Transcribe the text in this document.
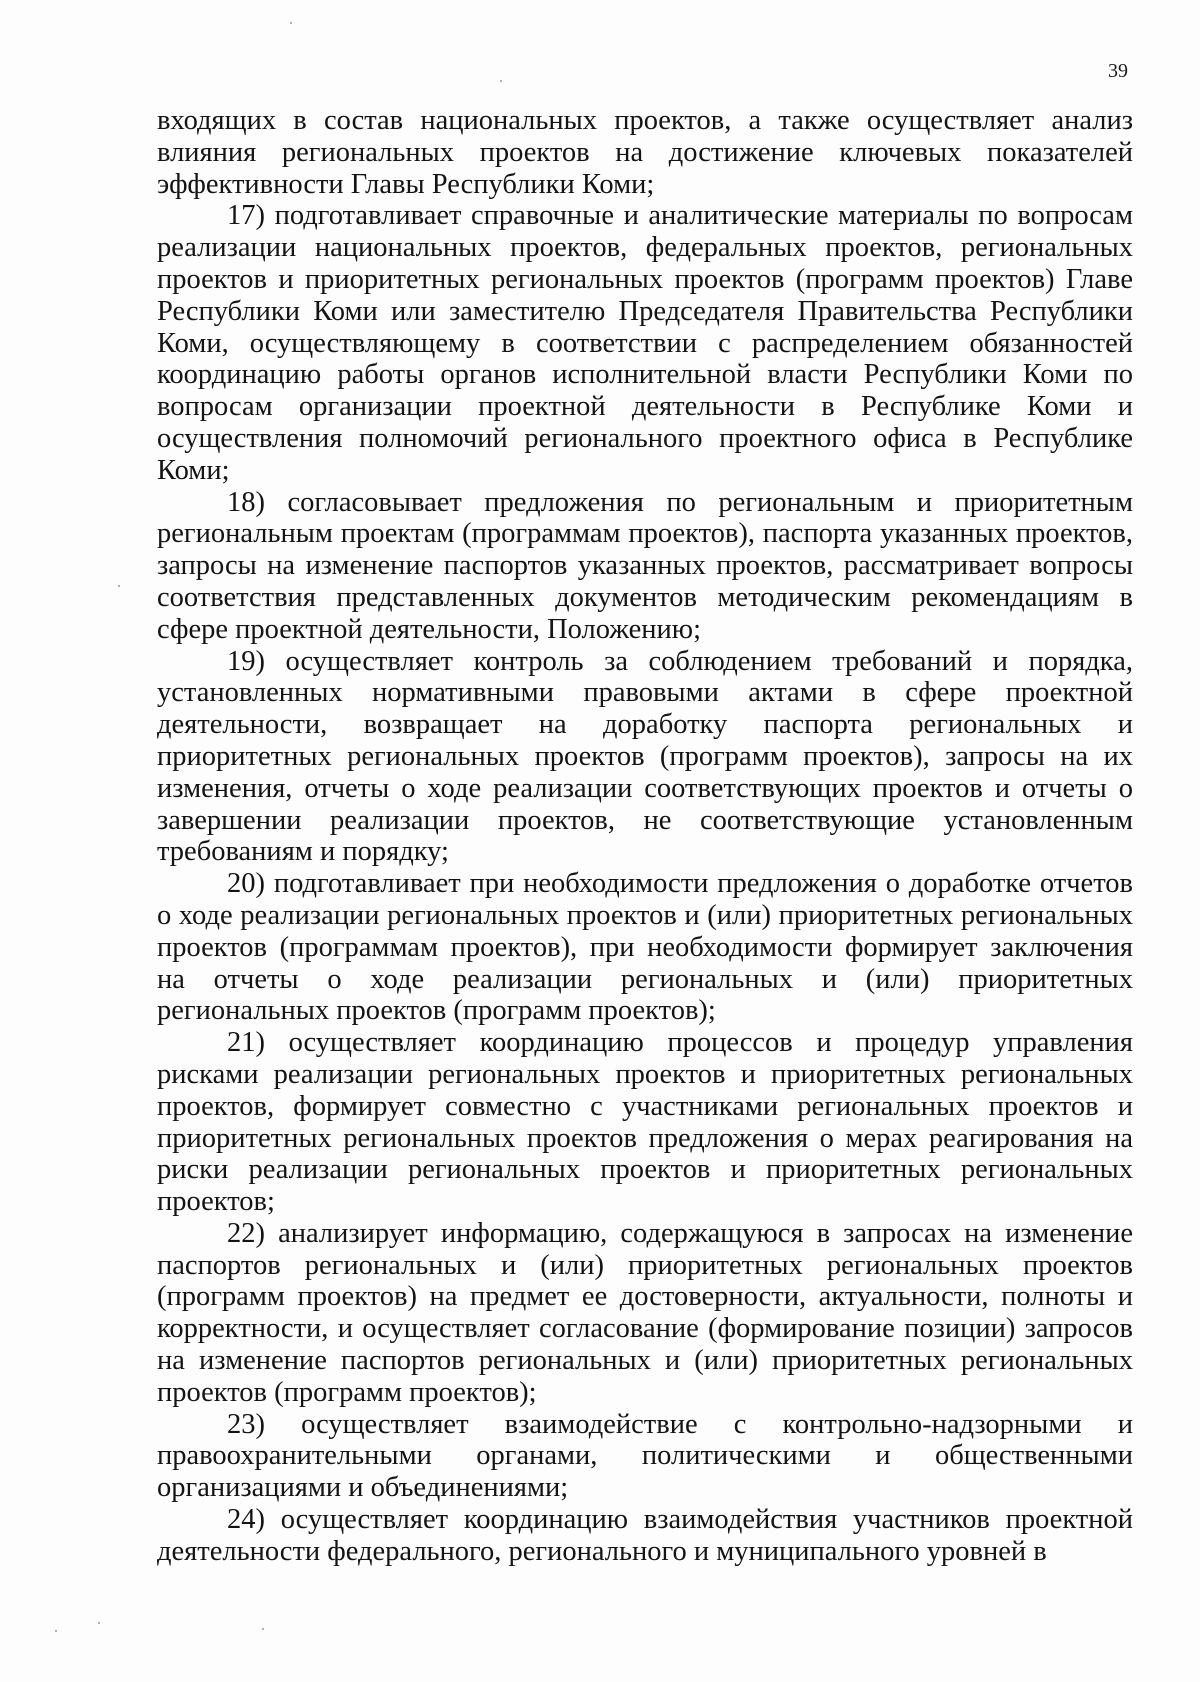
39

входящих в состав национальных проектов, а также осуществляет анализ влияния региональных проектов на достижение ключевых показателей эффективности Главы Республики Коми;

17) подготавливает справочные и аналитические материалы по вопросам реализации национальных проектов, федеральных проектов, региональных проектов и приоритетных региональных проектов (программ проектов) Главе Республики Коми или заместителю Председателя Правительства Республики Коми, осуществляющему в соответствии с распределением обязанностей координацию работы органов исполнительной власти Республики Коми по вопросам организации проектной деятельности в Республике Коми и осуществления полномочий регионального проектного офиса в Республике Коми;

18) согласовывает предложения по региональным и приоритетным региональным проектам (программам проектов), паспорта указанных проектов, запросы на изменение паспортов указанных проектов, рассматривает вопросы соответствия представленных документов методическим рекомендациям в сфере проектной деятельности, Положению;

19) осуществляет контроль за соблюдением требований и порядка, установленных нормативными правовыми актами в сфере проектной деятельности, возвращает на доработку паспорта региональных и приоритетных региональных проектов (программ проектов), запросы на их изменения, отчеты о ходе реализации соответствующих проектов и отчеты о завершении реализации проектов, не соответствующие установленным требованиям и порядку;

20) подготавливает при необходимости предложения о доработке отчетов о ходе реализации региональных проектов и (или) приоритетных региональных проектов (программам проектов), при необходимости формирует заключения на отчеты о ходе реализации региональных и (или) приоритетных региональных проектов (программ проектов);

21) осуществляет координацию процессов и процедур управления рисками реализации региональных проектов и приоритетных региональных проектов, формирует совместно с участниками региональных проектов и приоритетных региональных проектов предложения о мерах реагирования на риски реализации региональных проектов и приоритетных региональных проектов;

22) анализирует информацию, содержащуюся в запросах на изменение паспортов региональных и (или) приоритетных региональных проектов (программ проектов) на предмет ее достоверности, актуальности, полноты и корректности, и осуществляет согласование (формирование позиции) запросов на изменение паспортов региональных и (или) приоритетных региональных проектов (программ проектов);

23) осуществляет взаимодействие с контрольно-надзорными и правоохранительными органами, политическими и общественными организациями и объединениями;

24) осуществляет координацию взаимодействия участников проектной деятельности федерального, регионального и муниципального уровней в
